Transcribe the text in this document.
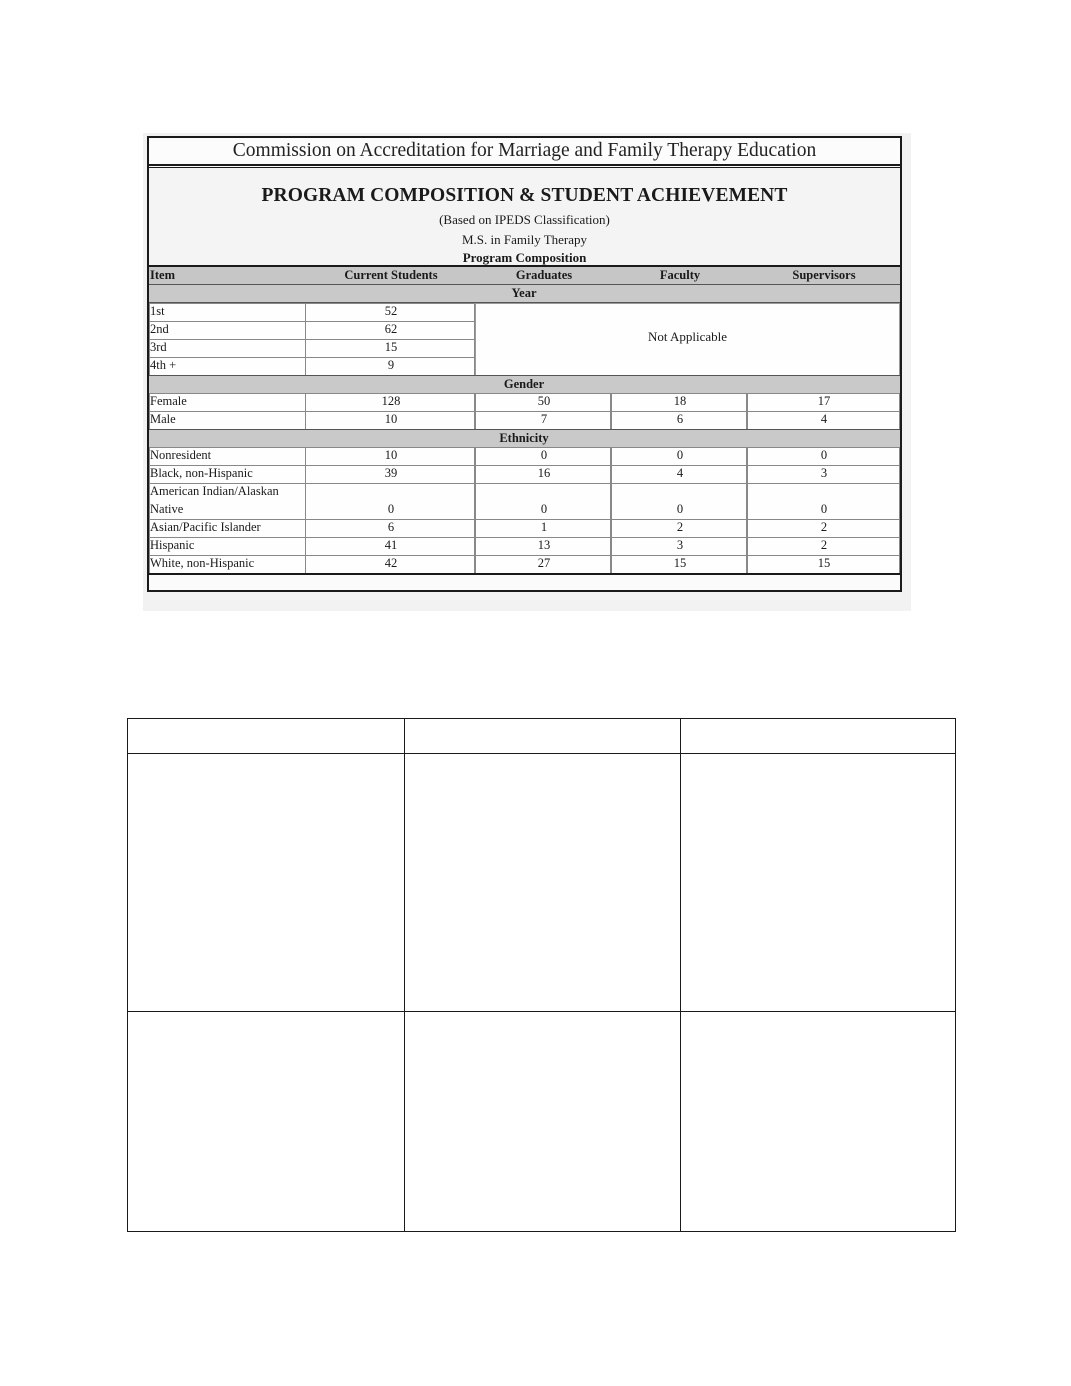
Commission on Accreditation for Marriage and Family Therapy Education
PROGRAM COMPOSITION & STUDENT ACHIEVEMENT
(Based on IPEDS Classification)
M.S. in Family Therapy
Program Composition
Item	Current Students	Graduates	Faculty	Supervisors
Year
1st	52
2nd	62
3rd	15
4th +	9
Not Applicable
Gender
Female	128	50	18	17
Male	10	7	6	4
Ethnicity
Nonresident	10	0	0	0
Black, non-Hispanic	39	16	4	3
American Indian/Alaskan
Native	0	0	0	0
Asian/Pacific Islander	6	1	2	2
Hispanic	41	13	3	2
White, non-Hispanic	42	27	15	15
